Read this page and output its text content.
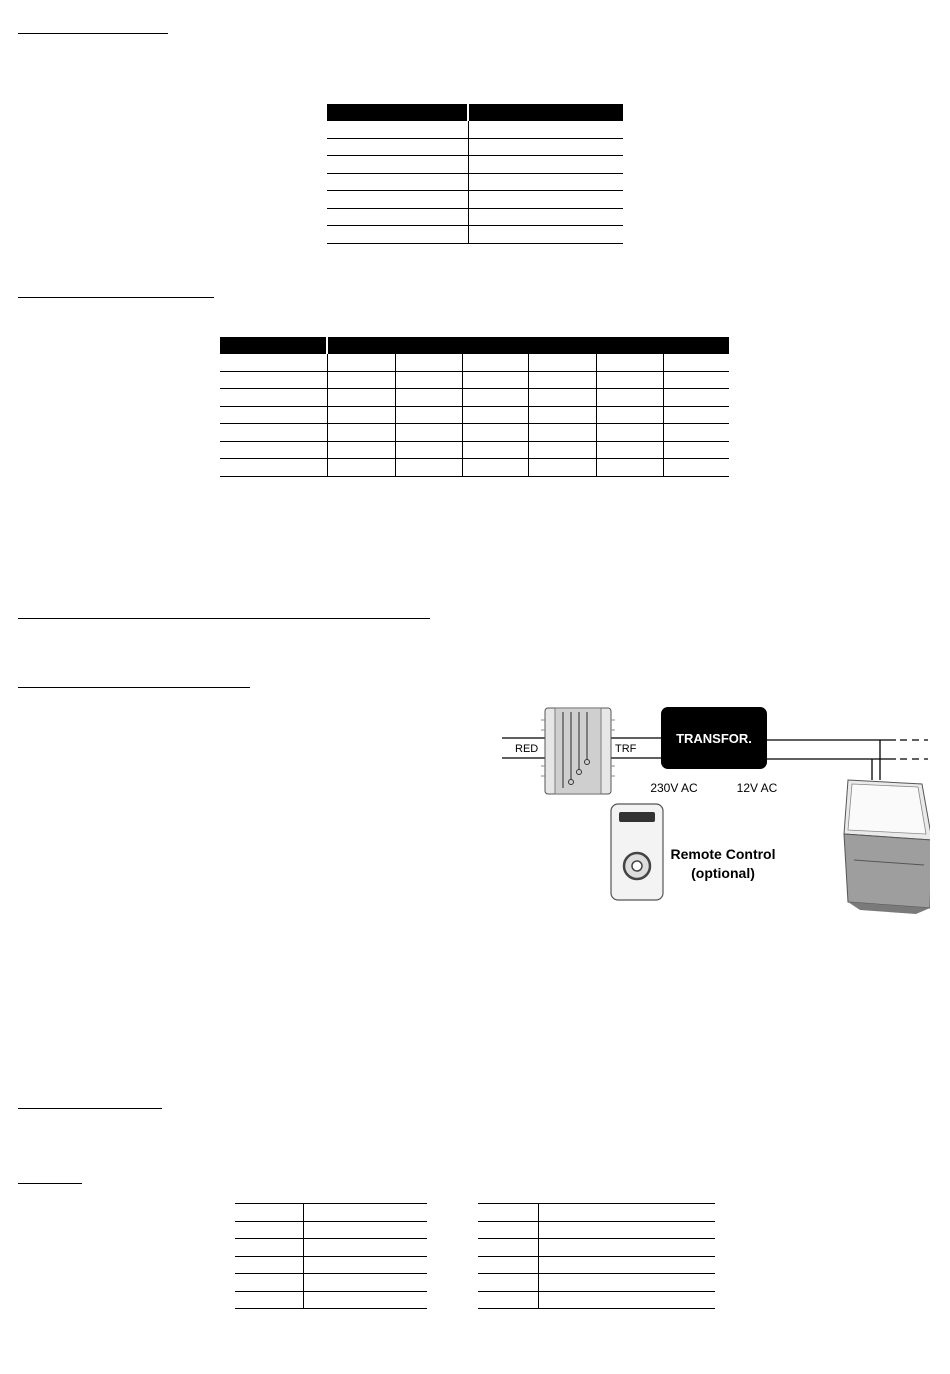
RED	TRF
TRANSFOR.
230V AC	12V AC
Remote Control
(optional)
